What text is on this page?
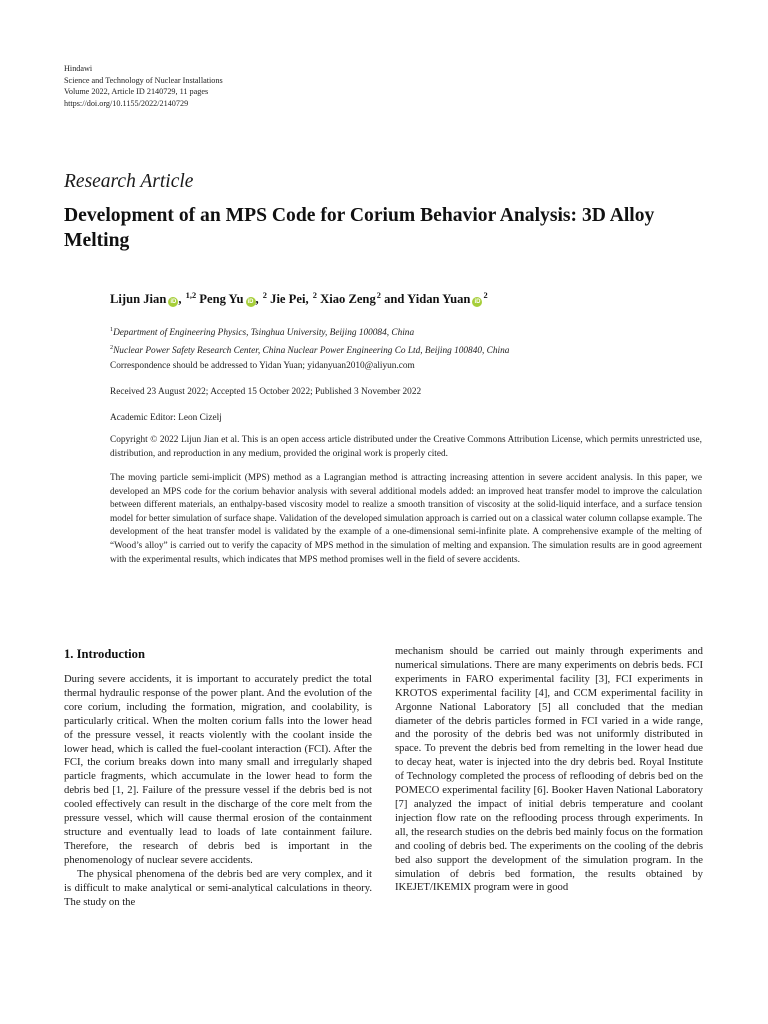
Hindawi
Science and Technology of Nuclear Installations
Volume 2022, Article ID 2140729, 11 pages
https://doi.org/10.1155/2022/2140729
Research Article
Development of an MPS Code for Corium Behavior Analysis: 3D Alloy Melting
Lijun Jian iD , $^{1,2}$ Peng Yu iD , $^2$ Jie Pei, $^2$ Xiao Zeng$^2$ and Yidan Yuan $iD^2$
$^1$Department of Engineering Physics, Tsinghua University, Beijing 100084, China
$^2$Nuclear Power Safety Research Center, China Nuclear Power Engineering Co Ltd, Beijing 100840, China
Correspondence should be addressed to Yidan Yuan; yidanyuan2010@aliyun.com
Received 23 August 2022; Accepted 15 October 2022; Published 3 November 2022
Academic Editor: Leon Cizelj
Copyright © 2022 Lijun Jian et al. This is an open access article distributed under the Creative Commons Attribution License, which permits unrestricted use, distribution, and reproduction in any medium, provided the original work is properly cited.
The moving particle semi-implicit (MPS) method as a Lagrangian method is attracting increasing attention in severe accident analysis. In this paper, we developed an MPS code for the corium behavior analysis with several additional models added: an improved heat transfer model to improve the calculation between different materials, an enthalpy-based viscosity model to realize a smooth transition of viscosity at the solid-liquid interface, and a surface tension model for better simulation of surface shape. Validation of the developed simulation approach is carried out on a classical water column collapse example. The development of the heat transfer model is validated by the example of a one-dimensional semi-infinite plate. A comprehensive example of the melting of “Wood’s alloy” is carried out to verify the capacity of MPS method in the simulation of melting and expansion. The simulation results are in good agreement with the experimental results, which indicates that MPS method promises well in the field of severe accidents.
1. Introduction

During severe accidents, it is important to accurately predict the total thermal hydraulic response of the power plant. And the evolution of the core corium, including the formation, migration, and coolability, is particularly critical. When the molten corium falls into the lower head of the pressure vessel, it reacts violently with the coolant inside the lower head, which is called the fuel-coolant interaction (FCI). After the FCI, the corium breaks down into many small and irregularly shaped particle fragments, which accumulate in the lower head to form the debris bed [1, 2]. Failure of the pressure vessel if the debris bed is not cooled effectively can result in the discharge of the core melt from the pressure vessel, which will cause thermal erosion of the containment structure and eventually lead to loads of late containment failure. Therefore, the research of debris bed is important in the phenomenology of nuclear severe accidents.

The physical phenomena of the debris bed are very complex, and it is difficult to make analytical or semi-analytical calculations in theory. The study on the

mechanism should be carried out mainly through experiments and numerical simulations. There are many experiments on debris beds. FCI experiments in FARO experimental facility [3], FCI experiments in KROTOS experimental facility [4], and CCM experimental facility in Argonne National Laboratory [5] all concluded that the median diameter of the debris particles formed in FCI varied in a wide range, and the porosity of the debris bed was not uniformly distributed in space. To prevent the debris bed from remelting in the lower head due to decay heat, water is injected into the dry debris bed. Royal Institute of Technology completed the process of reflooding of debris bed on the POMECO experimental facility [6]. Booker Haven National Laboratory [7] analyzed the impact of initial debris temperature and coolant injection flow rate on the reflooding process through experiments. In all, the research studies on the debris bed mainly focus on the formation and cooling of debris bed. The experiments on the cooling of the debris bed also support the development of the simulation program. In the simulation of debris bed formation, the results obtained by IKEJET/IKEMIX program were in good
